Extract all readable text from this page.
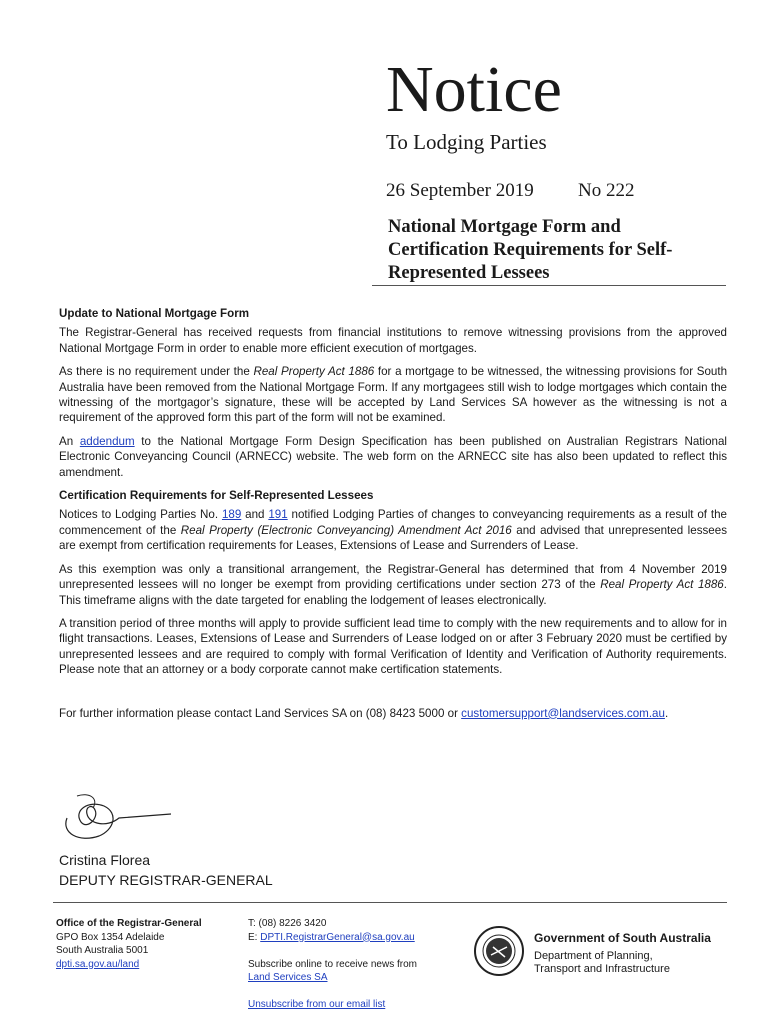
Notice
To Lodging Parties
26 September 2019 No 222
National Mortgage Form and
Certification Requirements for Self-
Represented Lessees
Update to National Mortgage Form

The Registrar-General has received requests from financial institutions to remove witnessing provisions from the approved National Mortgage Form in order to enable more efficient execution of mortgages.

As there is no requirement under the Real Property Act 1886 for a mortgage to be witnessed, the witnessing provisions for South Australia have been removed from the National Mortgage Form. If any mortgagees still wish to lodge mortgages which contain the witnessing of the mortgagor’s signature, these will be accepted by Land Services SA however as the witnessing is not a requirement of the approved form this part of the form will not be examined.

An addendum to the National Mortgage Form Design Specification has been published on Australian Registrars National Electronic Conveyancing Council (ARNECC) website. The web form on the ARNECC site has also been updated to reflect this amendment.

Certification Requirements for Self-Represented Lessees

Notices to Lodging Parties No. 189 and 191 notified Lodging Parties of changes to conveyancing requirements as a result of the commencement of the Real Property (Electronic Conveyancing) Amendment Act 2016 and advised that unrepresented lessees are exempt from certification requirements for Leases, Extensions of Lease and Surrenders of Lease.

As this exemption was only a transitional arrangement, the Registrar-General has determined that from 4 November 2019 unrepresented lessees will no longer be exempt from providing certifications under section 273 of the Real Property Act 1886. This timeframe aligns with the date targeted for enabling the lodgement of leases electronically.

A transition period of three months will apply to provide sufficient lead time to comply with the new requirements and to allow for in flight transactions. Leases, Extensions of Lease and Surrenders of Lease lodged on or after 3 February 2020 must be certified by unrepresented lessees and are required to comply with formal Verification of Identity and Verification of Authority requirements. Please note that an attorney or a body corporate cannot make certification statements.

For further information please contact Land Services SA on (08) 8423 5000 or customersupport@landservices.com.au.

Cristina Florea
DEPUTY REGISTRAR-GENERAL
Office of the Registrar-General
GPO Box 1354 Adelaide
South Australia 5001
dpti.sa.gov.au/land
T: (08) 8226 3420
E: DPTI.RegistrarGeneral@sa.gov.au
Subscribe online to receive news from
Land Services SA
Unsubscribe from our email list
Government of South Australia
Department of Planning,
Transport and Infrastructure
